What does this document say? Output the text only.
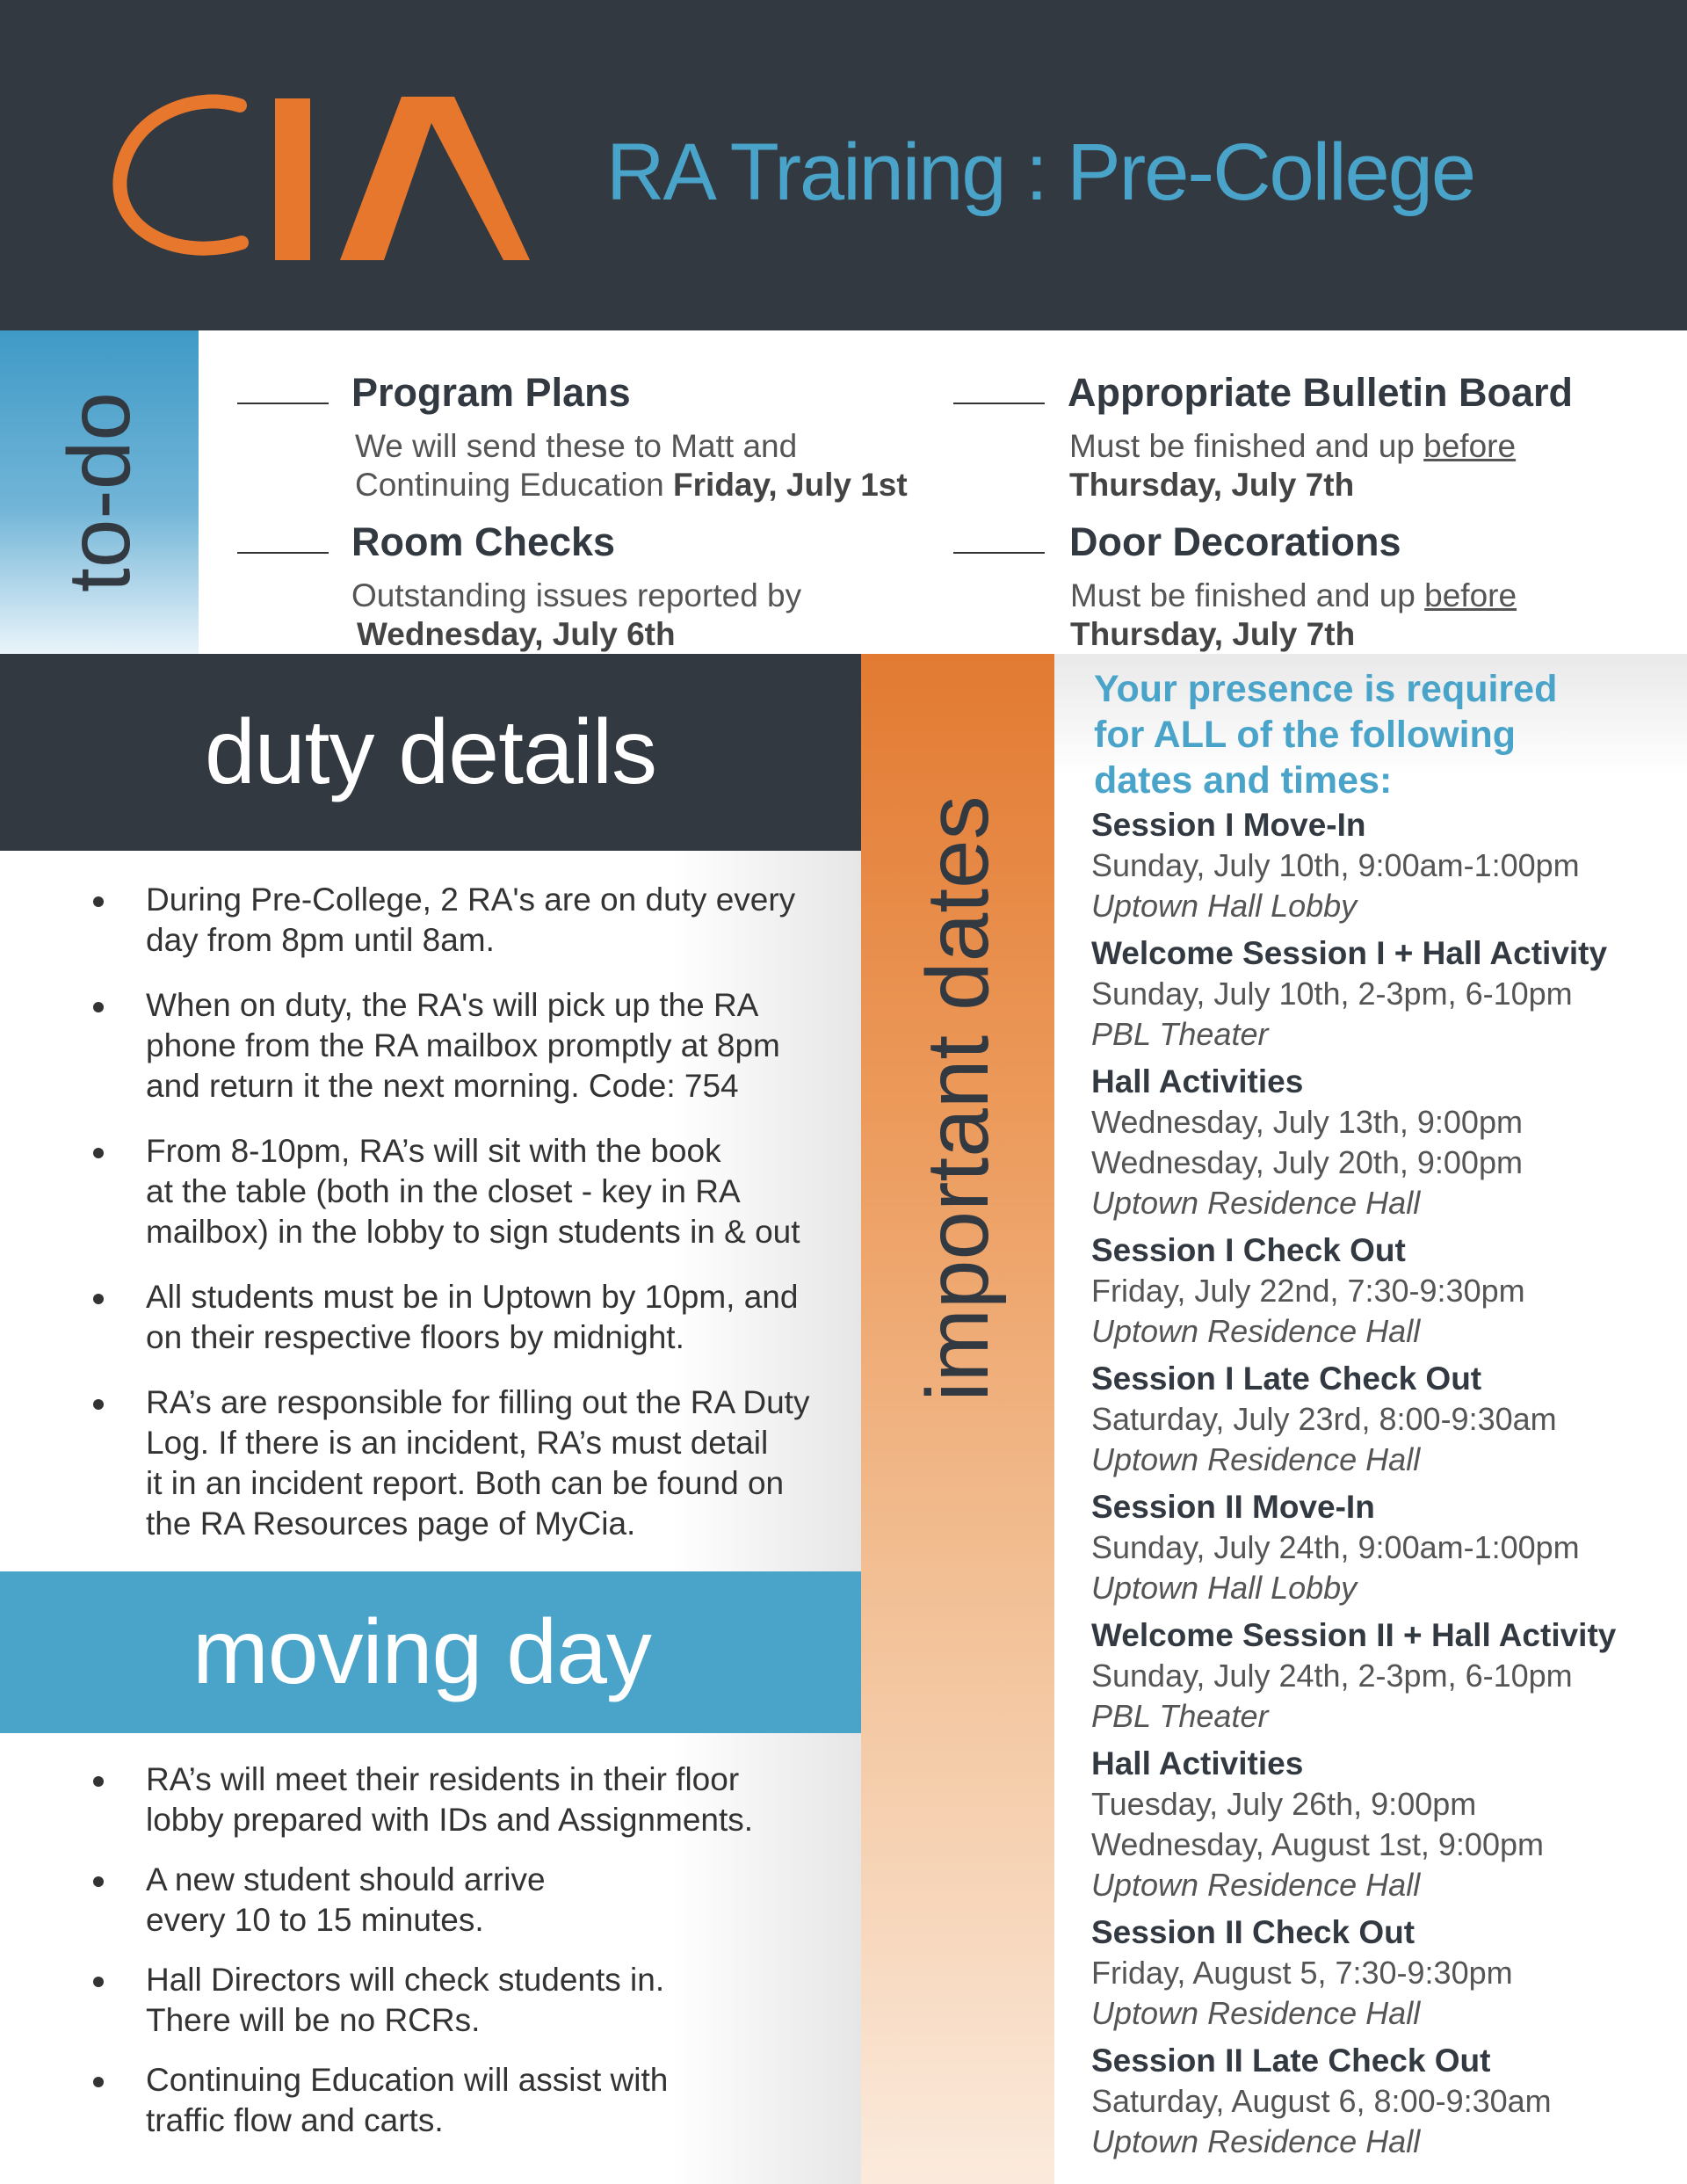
RA Training : Pre-College
to-do	Program Plans
We will send these to Matt and
Continuing Education Friday, July 1st
Room Checks
Outstanding issues reported by
Wednesday, July 6th
Appropriate Bulletin Board
Must be finished and up before
Thursday, July 7th
Door Decorations
Must be finished and up before
Thursday, July 7th
duty details
During Pre-College, 2 RA's are on duty every
day from 8pm until 8am.
When on duty, the RA's will pick up the RA
phone from the RA mailbox promptly at 8pm
and return it the next morning. Code: 754
From 8-10pm, RA’s will sit with the book
at the table (both in the closet - key in RA
mailbox) in the lobby to sign students in & out
All students must be in Uptown by 10pm, and
on their respective floors by midnight.
RA’s are responsible for filling out the RA Duty
Log. If there is an incident, RA’s must detail
it in an incident report. Both can be found on
the RA Resources page of MyCia.
moving day
RA’s will meet their residents in their floor
lobby prepared with IDs and Assignments.
A new student should arrive
every 10 to 15 minutes.
Hall Directors will check students in.
There will be no RCRs.
Continuing Education will assist with
traffic flow and carts.
important dates
Your presence is required
for ALL of the following
dates and times:
Session I Move-In
Sunday, July 10th, 9:00am-1:00pm
Uptown Hall Lobby
Welcome Session I + Hall Activity
Sunday, July 10th, 2-3pm, 6-10pm
PBL Theater
Hall Activities
Wednesday, July 13th, 9:00pm
Wednesday, July 20th, 9:00pm
Uptown Residence Hall
Session I Check Out
Friday, July 22nd, 7:30-9:30pm
Uptown Residence Hall
Session I Late Check Out
Saturday, July 23rd, 8:00-9:30am
Uptown Residence Hall
Session II Move-In
Sunday, July 24th, 9:00am-1:00pm
Uptown Hall Lobby
Welcome Session II + Hall Activity
Sunday, July 24th, 2-3pm, 6-10pm
PBL Theater
Hall Activities
Tuesday, July 26th, 9:00pm
Wednesday, August 1st, 9:00pm
Uptown Residence Hall
Session II Check Out
Friday, August 5, 7:30-9:30pm
Uptown Residence Hall
Session II Late Check Out
Saturday, August 6, 8:00-9:30am
Uptown Residence Hall
